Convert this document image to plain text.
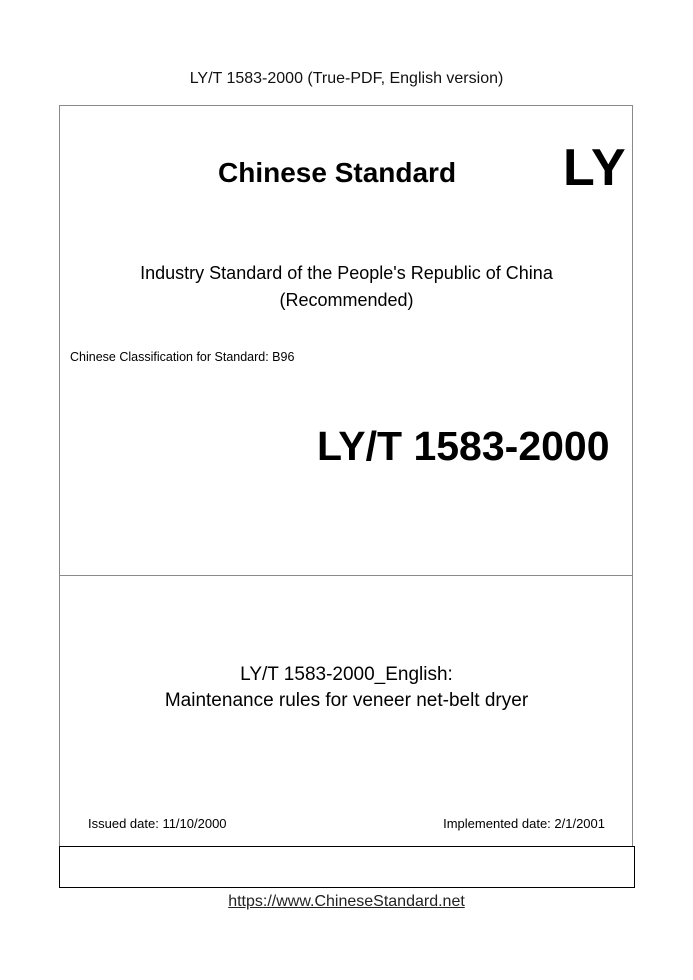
LY/T 1583-2000 (True-PDF, English version)
Chinese Standard LY
Industry Standard of the People's Republic of China
(Recommended)
Chinese Classification for Standard: B96
LY/T 1583-2000
LY/T 1583-2000_English:
Maintenance rules for veneer net-belt dryer
Issued date: 11/10/2000	Implemented date: 2/1/2001
https://www.ChineseStandard.net
